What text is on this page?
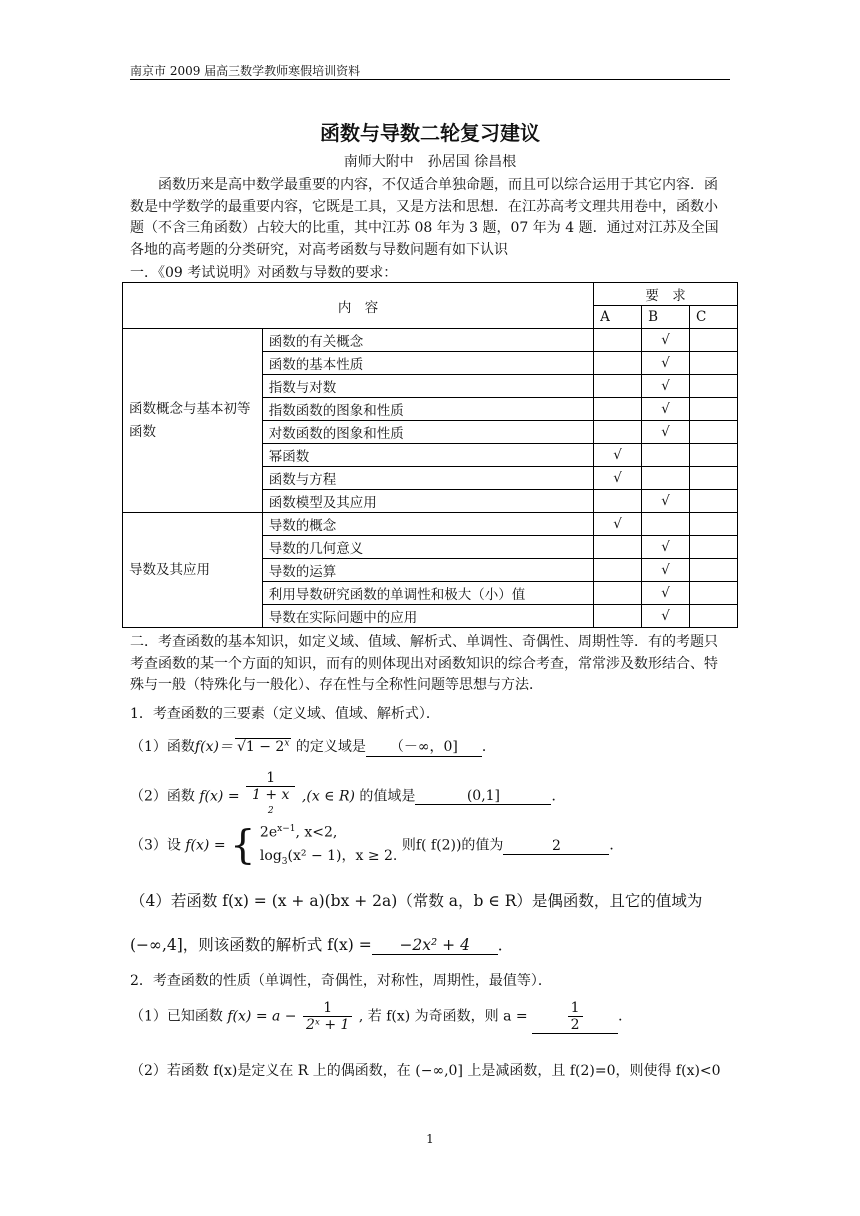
南京市 2009 届高三数学教师寒假培训资料
函数与导数二轮复习建议
南师大附中　孙居国 徐昌根
函数历来是高中数学最重要的内容，不仅适合单独命题，而且可以综合运用于其它内容．函数是中学数学的最重要内容，它既是工具，又是方法和思想．在江苏高考文理共用卷中，函数小题（不含三角函数）占较大的比重，其中江苏 08 年为 3 题，07 年为 4 题．通过对江苏及全国各地的高考题的分类研究，对高考函数与导数问题有如下认识
一．《09 考试说明》对函数与导数的要求：
内　容		要　求		
		A	B	C
函数概念与基本初等函数	函数的有关概念		√	
	函数的基本性质		√	
	指数与对数		√	
	指数函数的图象和性质		√	
	对数函数的图象和性质		√	
	幂函数	√		
	函数与方程	√		
	函数模型及其应用		√	
导数及其应用	导数的概念	√		
	导数的几何意义		√	
	导数的运算		√	
	利用导数研究函数的单调性和极大（小）值		√	
	导数在实际问题中的应用		√	
二．考查函数的基本知识，如定义域、值域、解析式、单调性、奇偶性、周期性等．有的考题只考查函数的某一个方面的知识，而有的则体现出对函数知识的综合考查，常常涉及数形结合、特殊与一般（特殊化与一般化）、存在性与全称性问题等思想与方法．
1．考查函数的三要素（定义域、值域、解析式）．
（1）函数$f(x)= √1 - 2^x$ 的定义域是 （－∞，0] ．
（2）函数 f(x) = 1
1 + x
$^2$ ,(x ∈ R) 的值域是	(0,1]	．
（3）设 f(x) = { $2e^{x-1}$, x<2,
$\log_3(x^2 - 1)$，x ≥ 2.
则f( f(2))的值为	2	．
（4）若函数 f(x) = (x + a)(bx + 2a)（常数 a，b ∈ R）是偶函数，且它的值域为
(−∞,4]，则该函数的解析式 f(x) = −2x² + 4 ．
2．考查函数的性质（单调性，奇偶性，对称性，周期性，最值等）．
（1）已知函数 $f(x) = a - \frac{1}{\text{2ˣ + 1}}$ , 若 f(x) 为奇函数，则 a =	$\frac{1}{2}$	．
（2）若函数 f(x)是定义在 R 上的偶函数，在 (−∞,0] 上是减函数，且 f(2)=0，则使得 f(x)<0
1
